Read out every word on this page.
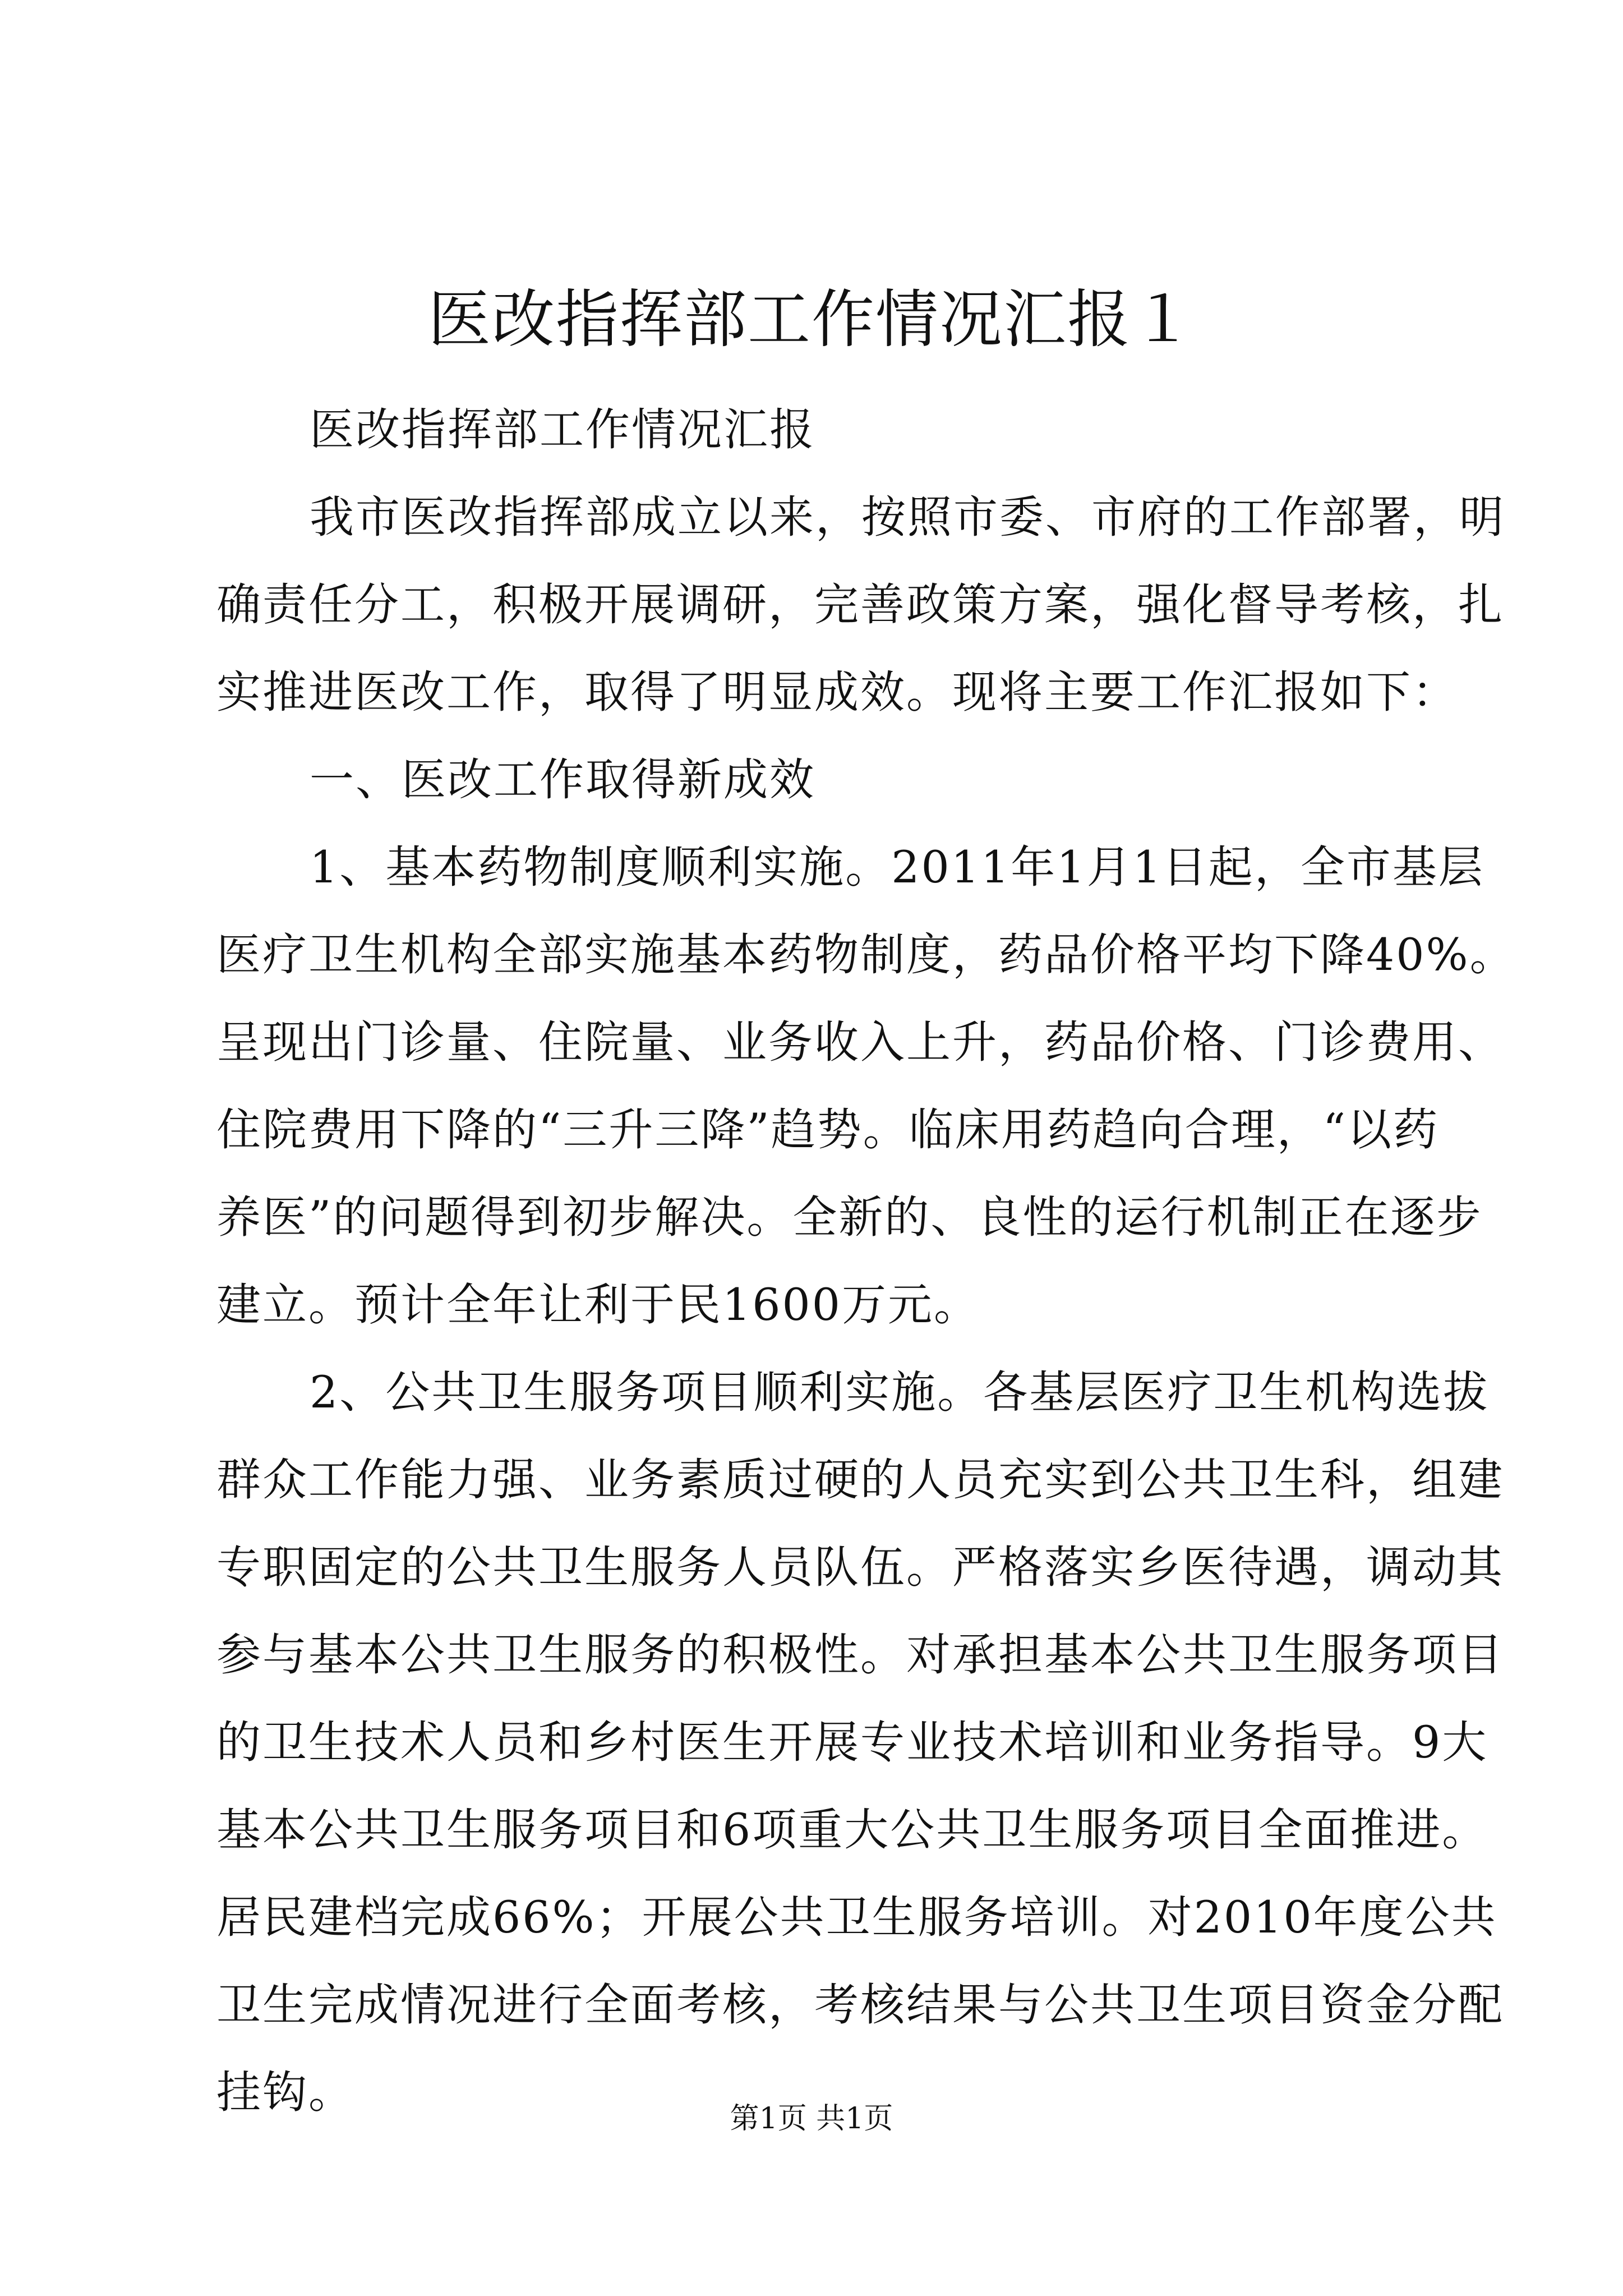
医改指挥部工作情况汇报１

医改指挥部工作情况汇报

我市医改指挥部成立以来，按照市委、市府的工作部署，明
确责任分工，积极开展调研，完善政策方案，强化督导考核，扎
实推进医改工作，取得了明显成效。现将主要工作汇报如下：

一、医改工作取得新成效

1、基本药物制度顺利实施。2011年1月1日起，全市基层
医疗卫生机构全部实施基本药物制度，药品价格平均下降40%。
呈现出门诊量、住院量、业务收入上升，药品价格、门诊费用、
住院费用下降的“三升三降”趋势。临床用药趋向合理，“以药
养医”的问题得到初步解决。全新的、良性的运行机制正在逐步
建立。预计全年让利于民1600万元。

2、公共卫生服务项目顺利实施。各基层医疗卫生机构选拔
群众工作能力强、业务素质过硬的人员充实到公共卫生科，组建
专职固定的公共卫生服务人员队伍。严格落实乡医待遇，调动其
参与基本公共卫生服务的积极性。对承担基本公共卫生服务项目
的卫生技术人员和乡村医生开展专业技术培训和业务指导。9大
基本公共卫生服务项目和6项重大公共卫生服务项目全面推进。
居民建档完成66%；开展公共卫生服务培训。对2010年度公共
卫生完成情况进行全面考核，考核结果与公共卫生项目资金分配
挂钩。

第1页 共1页
